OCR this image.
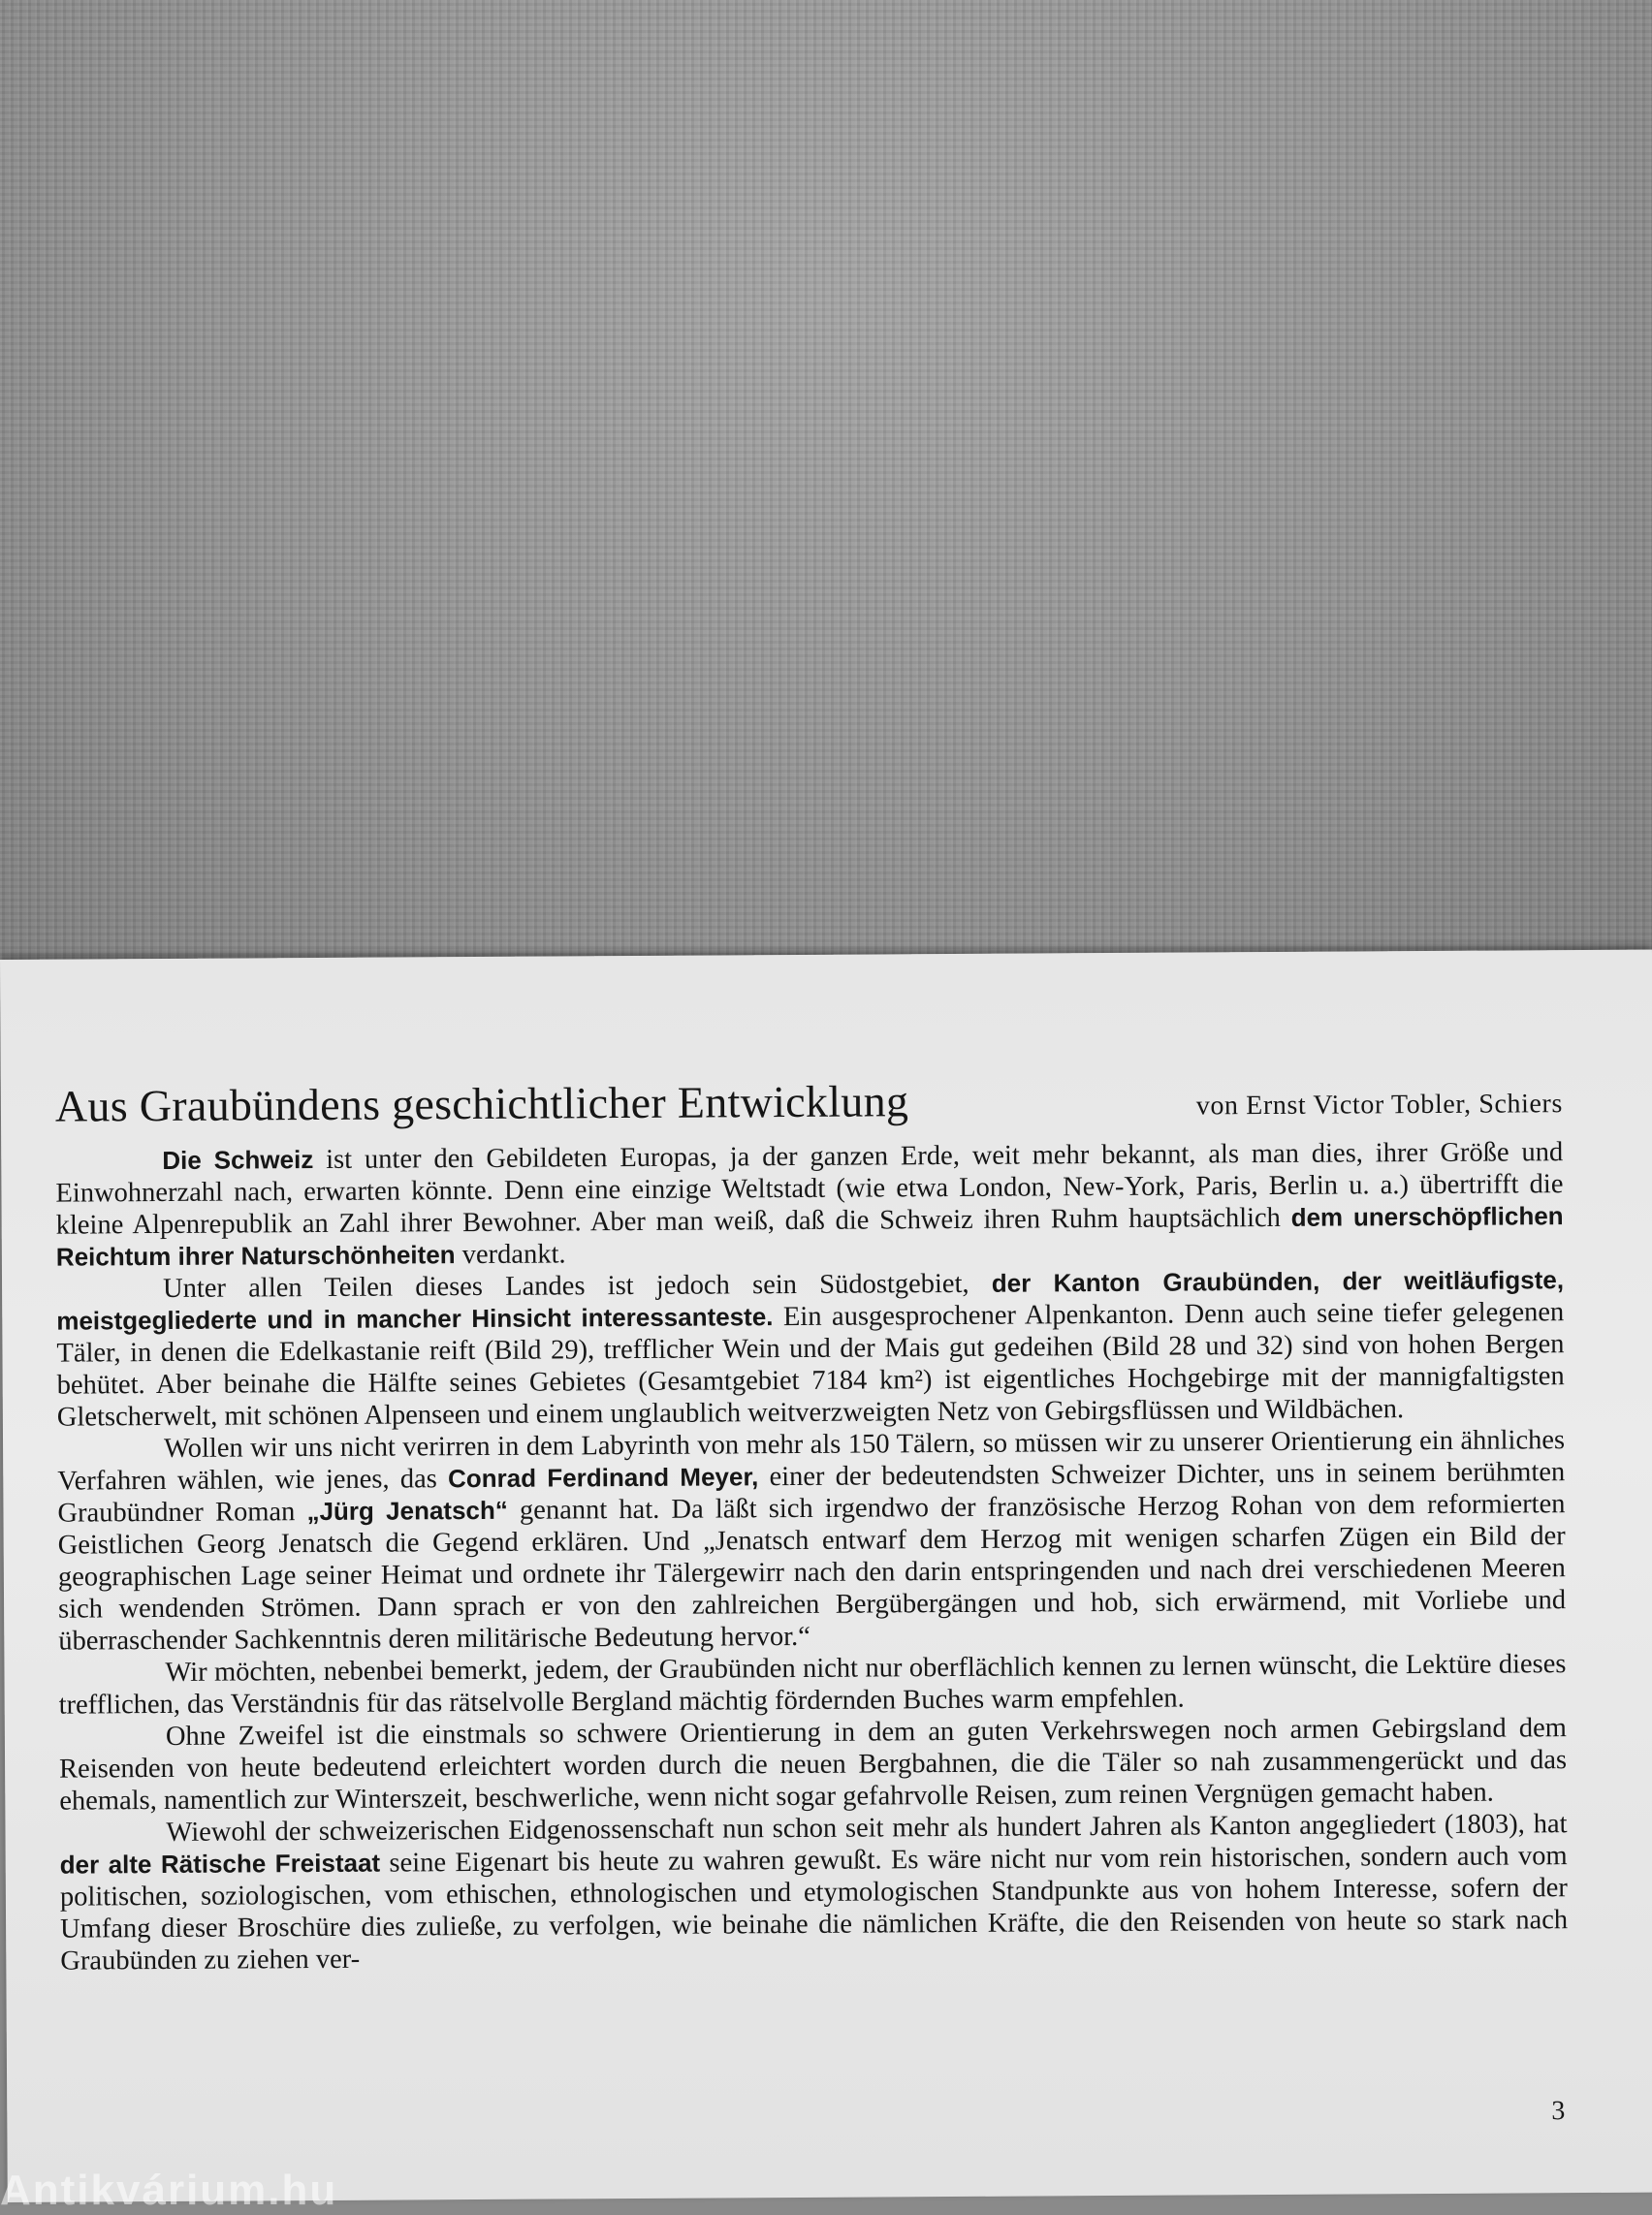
Aus Graubündens geschichtlicher Entwicklung	von Ernst Victor Tobler, Schiers

Die Schweiz ist unter den Gebildeten Europas, ja der ganzen Erde, weit mehr bekannt, als man dies, ihrer Größe und Einwohnerzahl nach, erwarten könnte. Denn eine einzige Weltstadt (wie etwa London, New-York, Paris, Berlin u. a.) übertrifft die kleine Alpenrepublik an Zahl ihrer Bewohner. Aber man weiß, daß die Schweiz ihren Ruhm hauptsächlich dem unerschöpflichen Reichtum ihrer Naturschönheiten verdankt.

Unter allen Teilen dieses Landes ist jedoch sein Südostgebiet, der Kanton Graubünden, der weitläufigste, meistgegliederte und in mancher Hinsicht interessanteste. Ein ausgesprochener Alpenkanton. Denn auch seine tiefer gelegenen Täler, in denen die Edelkastanie reift (Bild 29), trefflicher Wein und der Mais gut gedeihen (Bild 28 und 32) sind von hohen Bergen behütet. Aber beinahe die Hälfte seines Gebietes (Gesamtgebiet 7184 km²) ist eigentliches Hochgebirge mit der mannigfaltigsten Gletscherwelt, mit schönen Alpenseen und einem unglaublich weitverzweigten Netz von Gebirgsflüssen und Wildbächen.

Wollen wir uns nicht verirren in dem Labyrinth von mehr als 150 Tälern, so müssen wir zu unserer Orientierung ein ähnliches Verfahren wählen, wie jenes, das Conrad Ferdinand Meyer, einer der bedeutendsten Schweizer Dichter, uns in seinem berühmten Graubündner Roman „Jürg Jenatsch“ genannt hat. Da läßt sich irgendwo der französische Herzog Rohan von dem reformierten Geistlichen Georg Jenatsch die Gegend erklären. Und „Jenatsch entwarf dem Herzog mit wenigen scharfen Zügen ein Bild der geographischen Lage seiner Heimat und ordnete ihr Tälergewirr nach den darin entspringenden und nach drei verschiedenen Meeren sich wendenden Strömen. Dann sprach er von den zahlreichen Bergübergängen und hob, sich erwärmend, mit Vorliebe und überraschender Sachkenntnis deren militärische Bedeutung hervor.“

Wir möchten, nebenbei bemerkt, jedem, der Graubünden nicht nur oberflächlich kennen zu lernen wünscht, die Lektüre dieses trefflichen, das Verständnis für das rätselvolle Bergland mächtig fördernden Buches warm empfehlen.

Ohne Zweifel ist die einstmals so schwere Orientierung in dem an guten Verkehrswegen noch armen Gebirgsland dem Reisenden von heute bedeutend erleichtert worden durch die neuen Bergbahnen, die die Täler so nah zusammengerückt und das ehemals, namentlich zur Winterszeit, beschwerliche, wenn nicht sogar gefahrvolle Reisen, zum reinen Vergnügen gemacht haben.

Wiewohl der schweizerischen Eidgenossenschaft nun schon seit mehr als hundert Jahren als Kanton angegliedert (1803), hat der alte Rätische Freistaat seine Eigenart bis heute zu wahren gewußt. Es wäre nicht nur vom rein historischen, sondern auch vom politischen, soziologischen, vom ethischen, ethnologischen und etymologischen Standpunkte aus von hohem Interesse, sofern der Umfang dieser Broschüre dies zuließe, zu verfolgen, wie beinahe die nämlichen Kräfte, die den Reisenden von heute so stark nach Graubünden zu ziehen ver-

3
Antikvárium.hu
